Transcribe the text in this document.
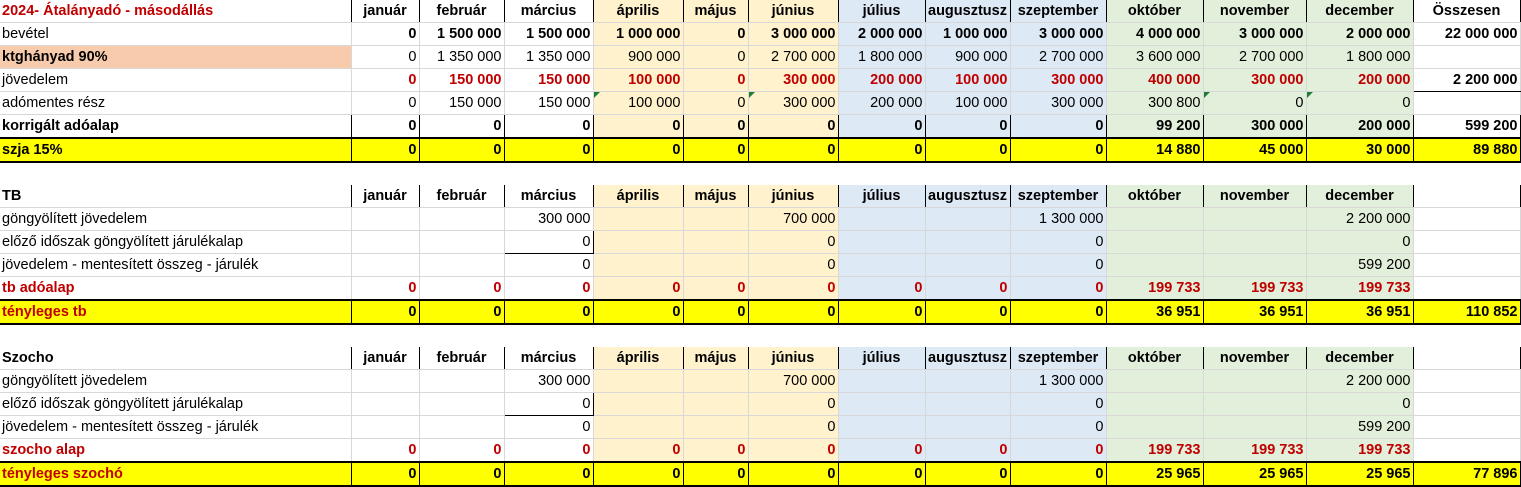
2024- Átalányadó - másodállás	január	február	március	április	május	június	július	augusztusz	szeptember	október	november	december	Összesen	
bevétel	0	1 500 000	1 500 000	1 000 000	0	3 000 000	2 000 000	1 000 000	3 000 000	4 000 000	3 000 000	2 000 000	22 000 000	
ktghányad 90%	0	1 350 000	1 350 000	900 000	0	2 700 000	1 800 000	900 000	2 700 000	3 600 000	2 700 000	1 800 000		
jövedelem	0	150 000	150 000	100 000	0	300 000	200 000	100 000	300 000	400 000	300 000	200 000	2 200 000	
adómentes rész	0	150 000	150 000	100 000	0	300 000	200 000	100 000	300 000	300 800	0	0		
korrigált adóalap	0	0	0	0	0	0	0	0	0	99 200	300 000	200 000	599 200	
szja 15%	0	0	0	0	0	0	0	0	0	14 880	45 000	30 000	89 880	

TB	január	február	március	április	május	június	július	augusztusz	szeptember	október	november	december		
göngyölített jövedelem			300 000			700 000			1 300 000			2 200 000		
előző időszak göngyölített járulékalap			0			0			0			0		
jövedelem - mentesített összeg - járulék			0			0			0			599 200		
tb adóalap	0	0	0	0	0	0	0	0	0	199 733	199 733	199 733		
tényleges tb	0	0	0	0	0	0	0	0	0	36 951	36 951	36 951	110 852	

Szocho	január	február	március	április	május	június	július	augusztusz	szeptember	október	november	december		
göngyölített jövedelem			300 000			700 000			1 300 000			2 200 000		
előző időszak göngyölített járulékalap			0			0			0			0		
jövedelem - mentesített összeg - járulék			0			0			0			599 200		
szocho alap	0	0	0	0	0	0	0	0	0	199 733	199 733	199 733		
tényleges szochó	0	0	0	0	0	0	0	0	0	25 965	25 965	25 965	77 896	
